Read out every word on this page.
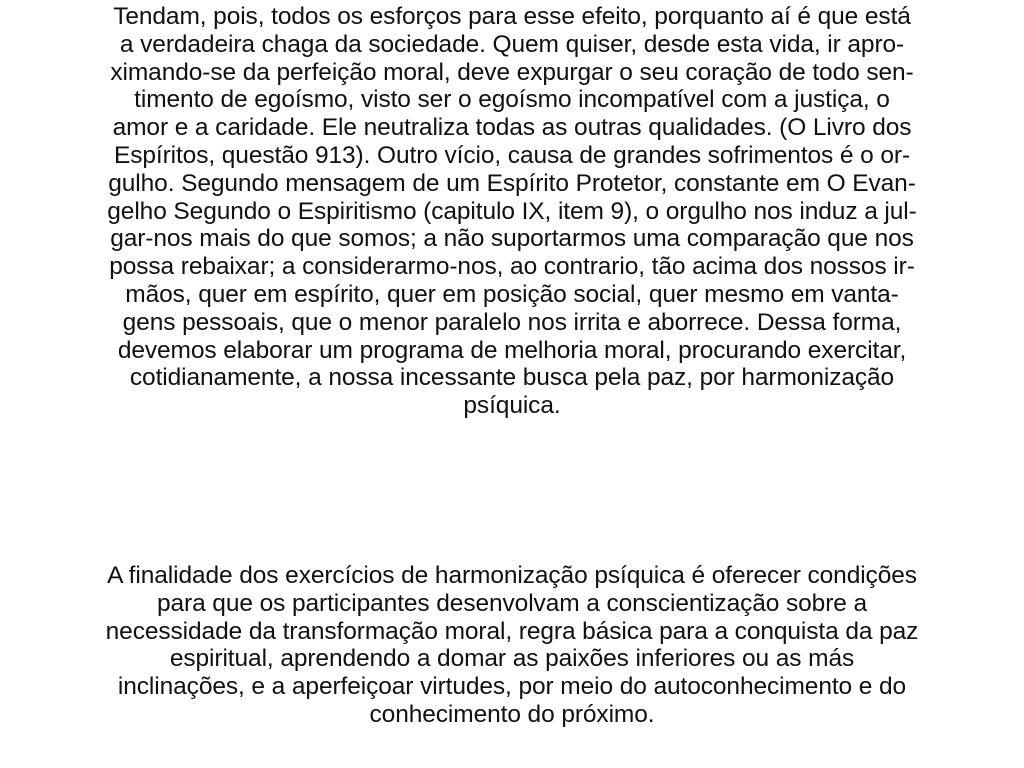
Tendam, pois, todos os esforços para esse efeito, porquanto aí é que está
a verdadeira chaga da sociedade. Quem quiser, desde esta vida, ir apro-
ximando-se da perfeição moral, deve expurgar o seu coração de todo sen-
timento de egoísmo, visto ser o egoísmo incompatível com a justiça, o
amor e a caridade. Ele neutraliza todas as outras qualidades. (O Livro dos
Espíritos, questão 913). Outro vício, causa de grandes sofrimentos é o or-
gulho. Segundo mensagem de um Espírito Protetor, constante em O Evan-
gelho Segundo o Espiritismo (capitulo IX, item 9), o orgulho nos induz a jul-
gar-nos mais do que somos; a não suportarmos uma comparação que nos
possa rebaixar; a considerarmo-nos, ao contrario, tão acima dos nossos ir-
mãos, quer em espírito, quer em posição social, quer mesmo em vanta-
gens pessoais, que o menor paralelo nos irrita e aborrece. Dessa forma,
devemos elaborar um programa de melhoria moral, procurando exercitar,
cotidianamente, a nossa incessante busca pela paz, por harmonização
psíquica.
A finalidade dos exercícios de harmonização psíquica é oferecer condições
para que os participantes desenvolvam a conscientização sobre a
necessidade da transformação moral, regra básica para a conquista da paz
espiritual, aprendendo a domar as paixões inferiores ou as más
inclinações, e a aperfeiçoar virtudes, por meio do autoconhecimento e do
conhecimento do próximo.
